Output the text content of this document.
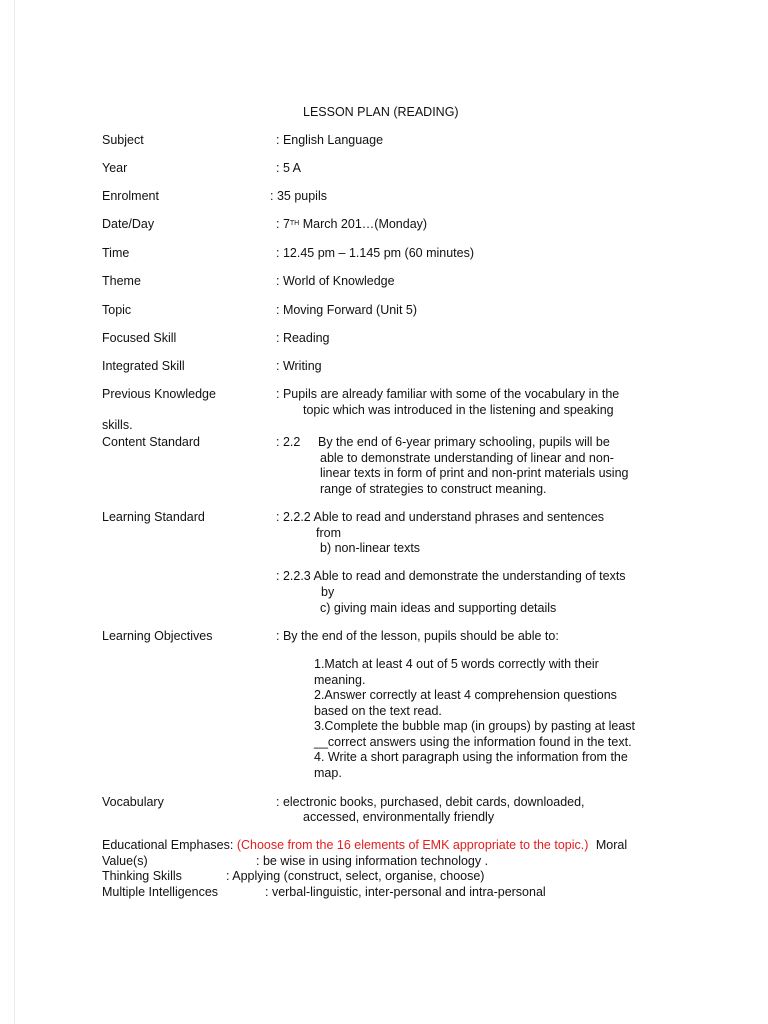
LESSON PLAN (READING)
Subject	: English Language
Year	: 5 A
Enrolment	: 35 pupils
Date/Day	: 7TH March 201…(Monday)
Time	: 12.45 pm – 1.145 pm (60 minutes)
Theme	: World of Knowledge
Topic	: Moving Forward (Unit 5)
Focused Skill	: Reading
Integrated Skill	: Writing
Previous Knowledge	: Pupils are already familiar with some of the vocabulary in the
topic which was introduced in the listening and speaking
skills.
Content Standard	: 2.2 By the end of 6-year primary schooling, pupils will be
able to demonstrate understanding of linear and non-
linear texts in form of print and non-print materials using
range of strategies to construct meaning.
Learning Standard	: 2.2.2 Able to read and understand phrases and sentences
from
b) non-linear texts
: 2.2.3 Able to read and demonstrate the understanding of texts
by
c) giving main ideas and supporting details
Learning Objectives	: By the end of the lesson, pupils should be able to:
1.Match at least 4 out of 5 words correctly with their
meaning.
2.Answer correctly at least 4 comprehension questions
based on the text read.
3.Complete the bubble map (in groups) by pasting at least
__correct answers using the information found in the text.
4. Write a short paragraph using the information from the
map.
Vocabulary	: electronic books, purchased, debit cards, downloaded,
accessed, environmentally friendly
Educational Emphases: (Choose from the 16 elements of EMK appropriate to the topic.) Moral
Value(s)	: be wise in using information technology .
Thinking Skills	: Applying (construct, select, organise, choose)
Multiple Intelligences	: verbal-linguistic, inter-personal and intra-personal
